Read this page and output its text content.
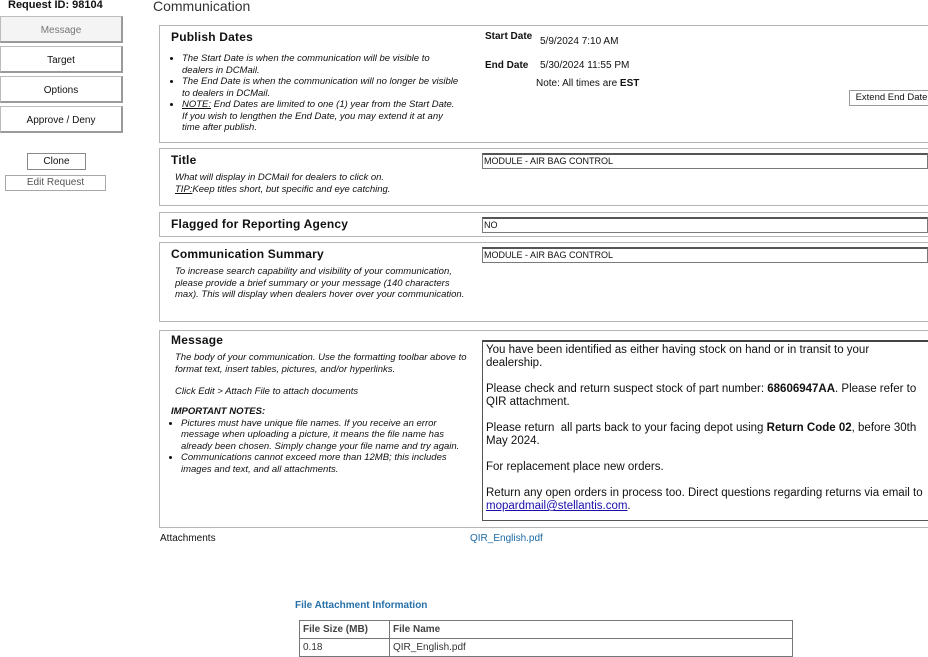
Request ID: 98104
Message
Target
Options
Approve / Deny
Clone
Edit Request
Communication
Publish Dates
• The Start Date is when the communication will be visible to dealers in DCMail.
• The End Date is when the communication will no longer be visible to dealers in DCMail.
• NOTE: End Dates are limited to one (1) year from the Start Date. If you wish to lengthen the End Date, you may extend it at any time after publish.
Start Date 5/9/2024 7:10 AM
End Date 5/30/2024 11:55 PM
Note: All times are EST
Extend End Date
Title
What will display in DCMail for dealers to click on.
TIP:Keep titles short, but specific and eye catching.
MODULE - AIR BAG CONTROL
Flagged for Reporting Agency	NO
Communication Summary
To increase search capability and visibility of your communication, please provide a brief summary or your message (140 characters max). This will display when dealers hover over your communication.
MODULE - AIR BAG CONTROL
Message
The body of your communication. Use the formatting toolbar above to format text, insert tables, pictures, and/or hyperlinks.
Click Edit > Attach File to attach documents
IMPORTANT NOTES:
• Pictures must have unique file names. If you receive an error message when uploading a picture, it means the file name has already been chosen. Simply change your file name and try again.
• Communications cannot exceed more than 12MB; this includes images and text, and all attachments.

You have been identified as either having stock on hand or in transit to your dealership.

Please check and return suspect stock of part number: 68606947AA. Please refer to QIR attachment.

Please return  all parts back to your facing depot using Return Code 02, before 30th May 2024.

For replacement place new orders.

Return any open orders in process too. Direct questions regarding returns via email to mopardmail@stellantis.com.

Attachments	QIR_English.pdf
File Attachment Information
File Size (MB)	File Name
0.18	QIR_English.pdf
